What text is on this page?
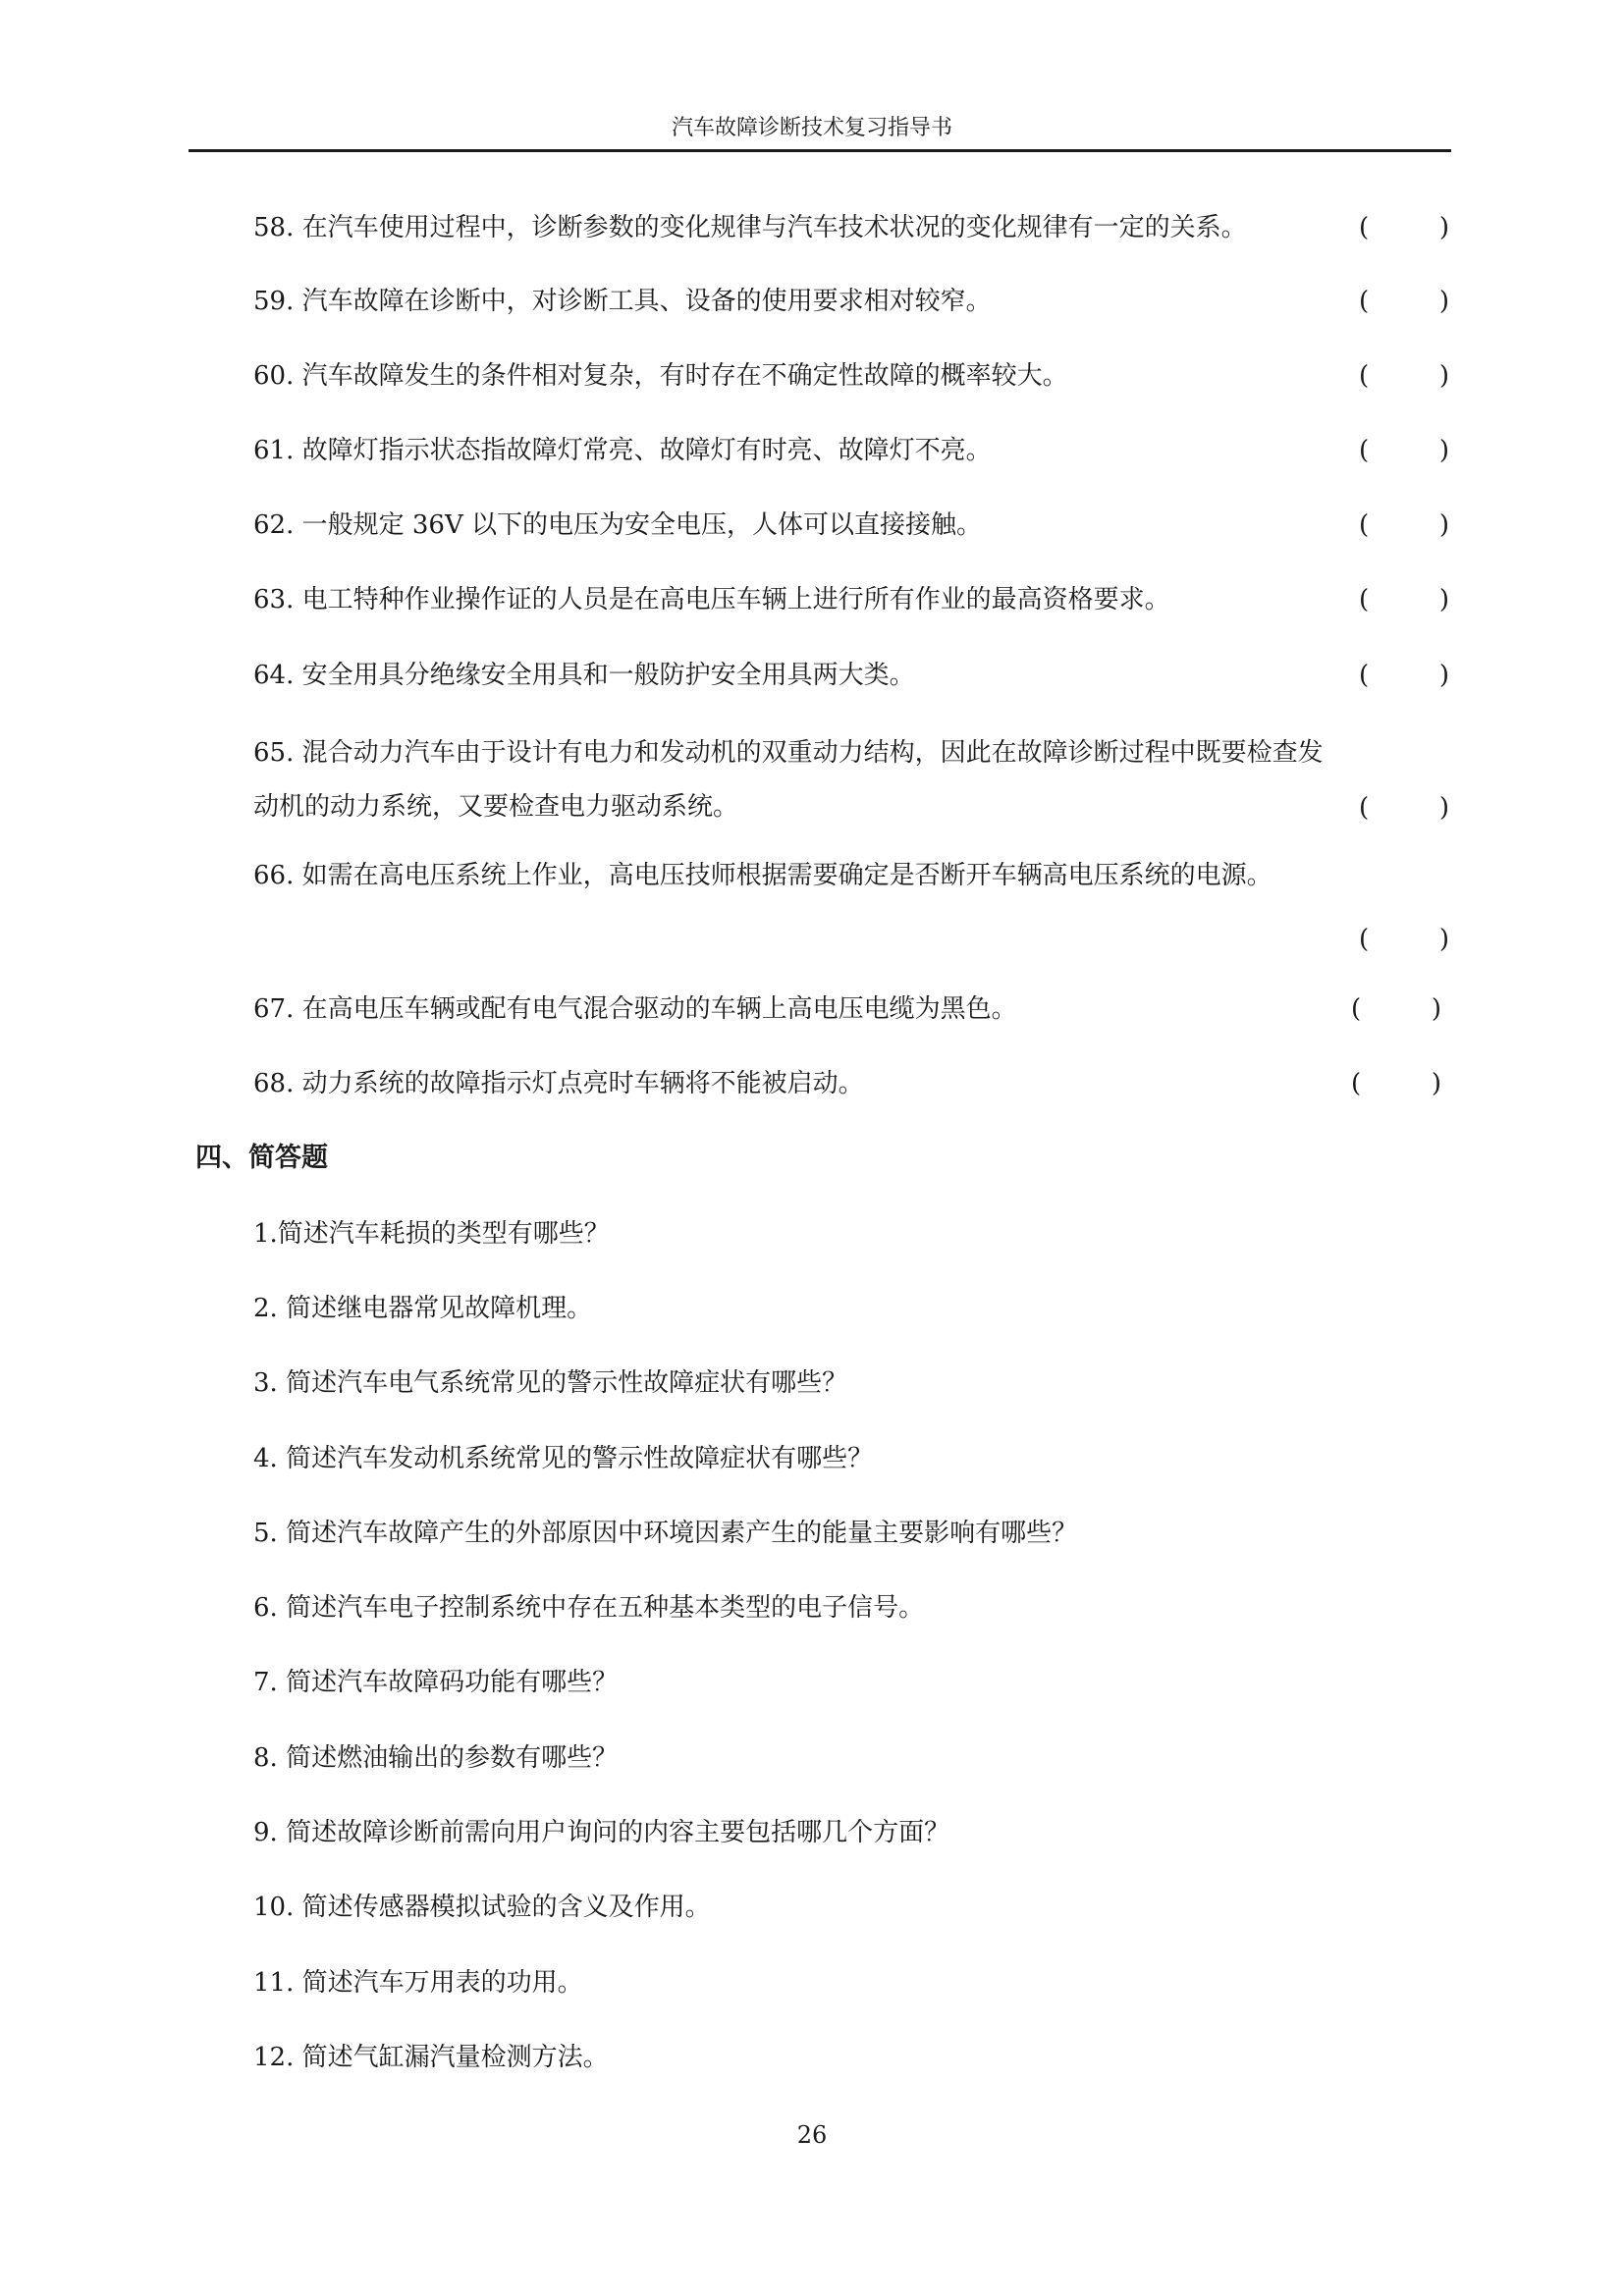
汽车故障诊断技术复习指导书
58. 在汽车使用过程中，诊断参数的变化规律与汽车技术状况的变化规律有一定的关系。	(	)
59. 汽车故障在诊断中，对诊断工具、设备的使用要求相对较窄。	(	)
60. 汽车故障发生的条件相对复杂，有时存在不确定性故障的概率较大。	(	)
61. 故障灯指示状态指故障灯常亮、故障灯有时亮、故障灯不亮。	(	)
62. 一般规定 36V 以下的电压为安全电压，人体可以直接接触。	(	)
63. 电工特种作业操作证的人员是在高电压车辆上进行所有作业的最高资格要求。	(	)
64. 安全用具分绝缘安全用具和一般防护安全用具两大类。	(	)
65. 混合动力汽车由于设计有电力和发动机的双重动力结构，因此在故障诊断过程中既要检查发动机的动力系统，又要检查电力驱动系统。	(	)
66. 如需在高电压系统上作业，高电压技师根据需要确定是否断开车辆高电压系统的电源。
(	)
67. 在高电压车辆或配有电气混合驱动的车辆上高电压电缆为黑色。	(	)
68. 动力系统的故障指示灯点亮时车辆将不能被启动。	(	)
四、简答题
1.简述汽车耗损的类型有哪些？
2. 简述继电器常见故障机理。
3. 简述汽车电气系统常见的警示性故障症状有哪些？
4. 简述汽车发动机系统常见的警示性故障症状有哪些？
5. 简述汽车故障产生的外部原因中环境因素产生的能量主要影响有哪些？
6. 简述汽车电子控制系统中存在五种基本类型的电子信号。
7. 简述汽车故障码功能有哪些？
8. 简述燃油输出的参数有哪些？
9. 简述故障诊断前需向用户询问的内容主要包括哪几个方面？
10. 简述传感器模拟试验的含义及作用。
11. 简述汽车万用表的功用。
12. 简述气缸漏汽量检测方法。
26
